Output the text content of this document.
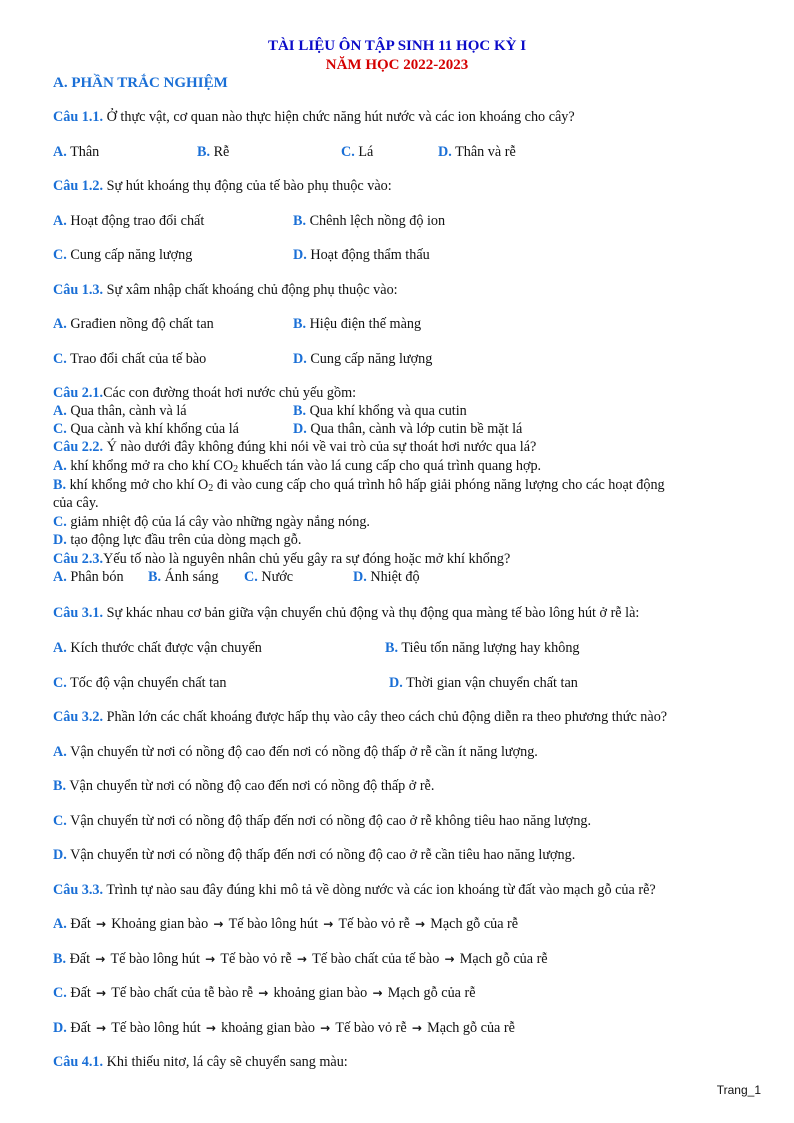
TÀI LIỆU ÔN TẬP SINH 11 HỌC KỲ I
NĂM HỌC 2022-2023
A. PHẦN TRẮC NGHIỆM
Câu 1.1. Ở thực vật, cơ quan nào thực hiện chức năng hút nước và các ion khoáng cho cây?
A. Thân	B. Rễ	C. Lá	D. Thân và rễ
Câu 1.2. Sự hút khoáng thụ động của tế bào phụ thuộc vào:
A. Hoạt động trao đổi chất	B. Chênh lệch nồng độ ion
C. Cung cấp năng lượng	D. Hoạt động thẩm thấu
Câu 1.3. Sự xâm nhập chất khoáng chủ động phụ thuộc vào:
A. Građien nồng độ chất tan	B. Hiệu điện thế màng
C. Trao đổi chất của tế bào	D. Cung cấp năng lượng
Câu 2.1.Các con đường thoát hơi nước chủ yếu gồm:
A. Qua thân, cành và lá	B. Qua khí khổng và qua cutin
C. Qua cành và khí khổng của lá	D. Qua thân, cành và lớp cutin bề mặt lá
Câu 2.2. Ý nào dưới đây không đúng khi nói về vai trò của sự thoát hơi nước qua lá?
A. khí khổng mở ra cho khí $CO_2$ khuếch tán vào lá cung cấp cho quá trình quang hợp.
B. khí khổng mở cho khí $O_2$ đi vào cung cấp cho quá trình hô hấp giải phóng năng lượng cho các hoạt động
của cây.
C. giảm nhiệt độ của lá cây vào những ngày nắng nóng.
D. tạo động lực đầu trên của dòng mạch gỗ.
Câu 2.3.Yếu tố nào là nguyên nhân chủ yếu gây ra sự đóng hoặc mở khí khổng?
A. Phân bón B. Ánh sáng C. Nước	D. Nhiệt độ
Câu 3.1. Sự khác nhau cơ bản giữa vận chuyển chủ động và thụ động qua màng tế bào lông hút ở rễ là:
A. Kích thước chất được vận chuyển	B. Tiêu tốn năng lượng hay không
C. Tốc độ vận chuyển chất tan	D. Thời gian vận chuyển chất tan
Câu 3.2. Phần lớn các chất khoáng được hấp thụ vào cây theo cách chủ động diễn ra theo phương thức nào?
A. Vận chuyển từ nơi có nồng độ cao đến nơi có nồng độ thấp ở rễ cần ít năng lượng.
B. Vận chuyển từ nơi có nồng độ cao đến nơi có nồng độ thấp ở rễ.
C. Vận chuyển từ nơi có nồng độ thấp đến nơi có nồng độ cao ở rễ không tiêu hao năng lượng.
D. Vận chuyển từ nơi có nồng độ thấp đến nơi có nồng độ cao ở rễ cần tiêu hao năng lượng.
Câu 3.3. Trình tự nào sau đây đúng khi mô tả về dòng nước và các ion khoáng từ đất vào mạch gỗ của rễ?
A. Đất → Khoảng gian bào → Tế bào lông hút → Tế bào vỏ rễ → Mạch gỗ của rễ
B. Đất → Tế bào lông hút → Tế bào vỏ rễ → Tế bào chất của tế bào → Mạch gỗ của rễ
C. Đất → Tế bào chất của tễ bào rễ → khoảng gian bào → Mạch gỗ của rễ
D. Đất → Tế bào lông hút → khoảng gian bào → Tế bào vỏ rễ → Mạch gỗ của rễ
Câu 4.1. Khi thiếu nitơ, lá cây sẽ chuyển sang màu:
Trang_1
